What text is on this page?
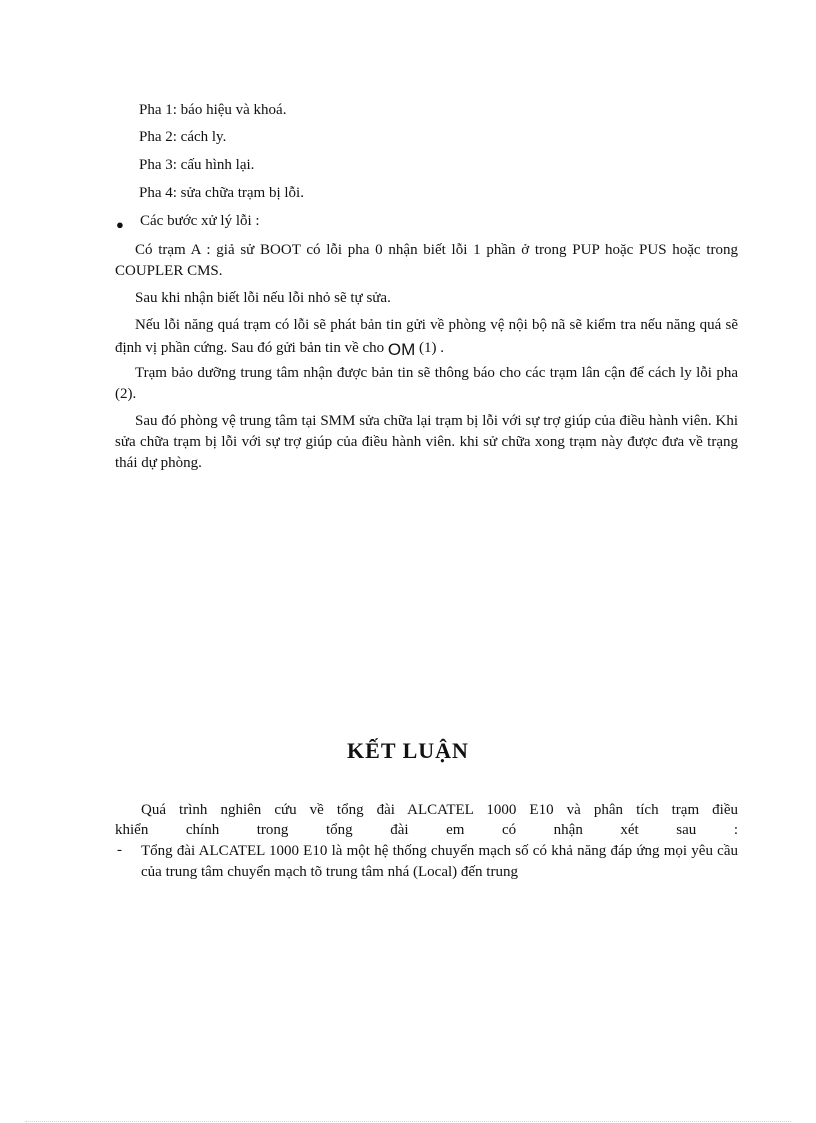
Pha 1: báo hiệu và khoá.
Pha 2: cách ly.
Pha 3: cấu hình lại.
Pha 4: sửa chữa trạm bị lỗi.
● Các bước xử lý lỗi :
Có trạm A : giả sử BOOT có lỗi pha 0 nhận biết lỗi 1 phần ở trong PUP hoặc PUS hoặc trong COUPLER CMS.
Sau khi nhận biết lỗi nếu lỗi nhỏ sẽ tự sửa.
Nếu lỗi năng quá trạm có lỗi sẽ phát bản tin gửi về phòng vệ nội bộ nã sẽ kiểm tra nếu năng quá sẽ định vị phần cứng. Sau đó gửi bản tin về cho OM (1) .
Trạm bảo dưỡng trung tâm nhận được bản tin sẽ thông báo cho các trạm lân cận để cách ly lỗi pha (2).
Sau đó phòng vệ trung tâm tại SMM sửa chữa lại trạm bị lỗi với sự trợ giúp của điều hành viên. Khi sửa chữa trạm bị lỗi với sự trợ giúp của điều hành viên. khi sử chữa xong trạm này được đưa về trạng thái dự phòng.
KẾT LUẬN
Quá trình nghiên cứu về tổng đài ALCATEL 1000 E10 và phân tích trạm điều
khiển chính trong tổng đài em có nhận xét sau :
- Tổng đài ALCATEL 1000 E10 là một hệ thống chuyển mạch số có khả năng đáp ứng mọi yêu cầu của trung tâm chuyển mạch tõ trung tâm nhá (Local) đến trung
